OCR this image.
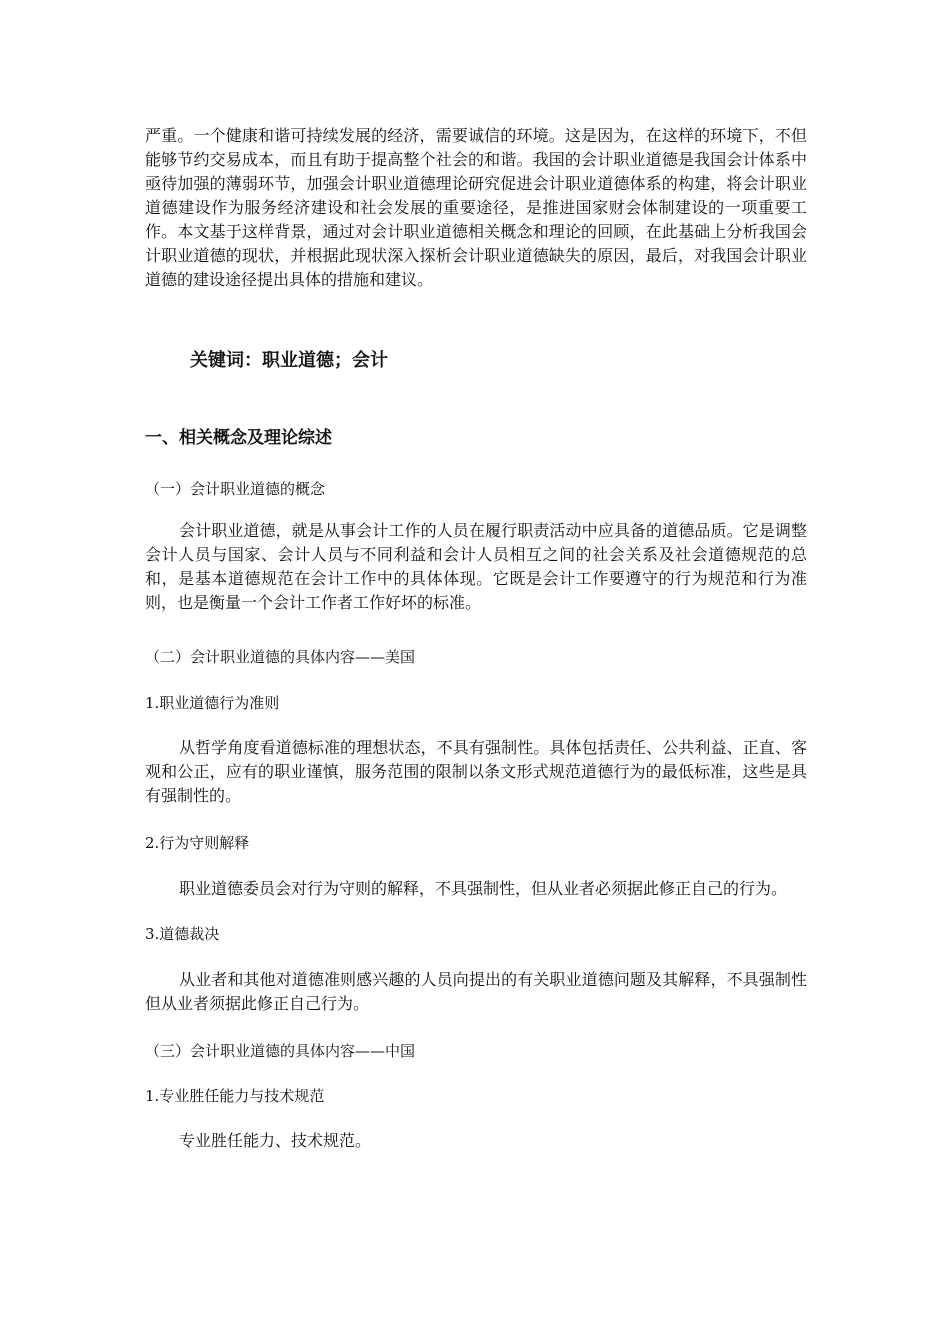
严重。一个健康和谐可持续发展的经济，需要诚信的环境。这是因为，在这样的环境下，不但能够节约交易成本，而且有助于提高整个社会的和谐。我国的会计职业道德是我国会计体系中亟待加强的薄弱环节，加强会计职业道德理论研究促进会计职业道德体系的构建，将会计职业道德建设作为服务经济建设和社会发展的重要途径，是推进国家财会体制建设的一项重要工作。本文基于这样背景，通过对会计职业道德相关概念和理论的回顾，在此基础上分析我国会计职业道德的现状，并根据此现状深入探析会计职业道德缺失的原因，最后，对我国会计职业道德的建设途径提出具体的措施和建议。

关键词：职业道德；会计
一、相关概念及理论综述
（一）会计职业道德的概念

会计职业道德，就是从事会计工作的人员在履行职责活动中应具备的道德品质。它是调整会计人员与国家、会计人员与不同利益和会计人员相互之间的社会关系及社会道德规范的总和，是基本道德规范在会计工作中的具体体现。它既是会计工作要遵守的行为规范和行为准则，也是衡量一个会计工作者工作好坏的标准。

（二）会计职业道德的具体内容——美国
1.职业道德行为准则

从哲学角度看道德标准的理想状态，不具有强制性。具体包括责任、公共利益、正直、客观和公正，应有的职业谨慎，服务范围的限制以条文形式规范道德行为的最低标准，这些是具有强制性的。

2.行为守则解释

职业道德委员会对行为守则的解释，不具强制性，但从业者必须据此修正自己的行为。

3.道德裁决

从业者和其他对道德准则感兴趣的人员向提出的有关职业道德问题及其解释，不具强制性但从业者须据此修正自己行为。

（三）会计职业道德的具体内容——中国
1.专业胜任能力与技术规范

专业胜任能力、技术规范。
